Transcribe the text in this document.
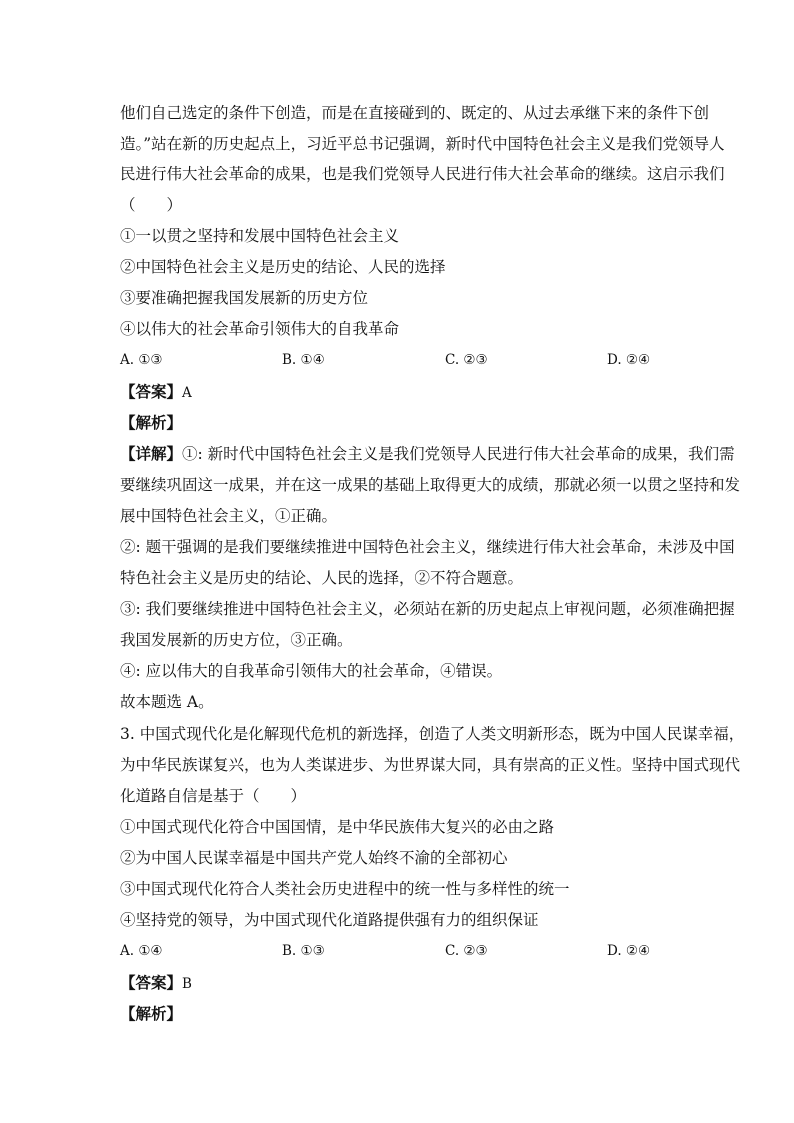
他们自己选定的条件下创造，而是在直接碰到的、既定的、从过去承继下来的条件下创
造。”站在新的历史起点上，习近平总书记强调，新时代中国特色社会主义是我们党领导人
民进行伟大社会革命的成果，也是我们党领导人民进行伟大社会革命的继续。这启示我们
（　　）
①一以贯之坚持和发展中国特色社会主义
②中国特色社会主义是历史的结论、人民的选择
③要准确把握我国发展新的历史方位
④以伟大的社会革命引领伟大的自我革命
A. ①③	B. ①④	C. ②③	D. ②④
【答案】A
【解析】
【详解】①: 新时代中国特色社会主义是我们党领导人民进行伟大社会革命的成果，我们需
要继续巩固这一成果，并在这一成果的基础上取得更大的成绩，那就必须一以贯之坚持和发
展中国特色社会主义，①正确。
②: 题干强调的是我们要继续推进中国特色社会主义，继续进行伟大社会革命，未涉及中国
特色社会主义是历史的结论、人民的选择，②不符合题意。
③: 我们要继续推进中国特色社会主义，必须站在新的历史起点上审视问题，必须准确把握
我国发展新的历史方位，③正确。
④: 应以伟大的自我革命引领伟大的社会革命，④错误。
故本题选 A。
3. 中国式现代化是化解现代危机的新选择，创造了人类文明新形态，既为中国人民谋幸福，
为中华民族谋复兴，也为人类谋进步、为世界谋大同，具有崇高的正义性。坚持中国式现代
化道路自信是基于（　　）
①中国式现代化符合中国国情，是中华民族伟大复兴的必由之路
②为中国人民谋幸福是中国共产党人始终不渝的全部初心
③中国式现代化符合人类社会历史进程中的统一性与多样性的统一
④坚持党的领导，为中国式现代化道路提供强有力的组织保证
A. ①④	B. ①③	C. ②③	D. ②④
【答案】B
【解析】
